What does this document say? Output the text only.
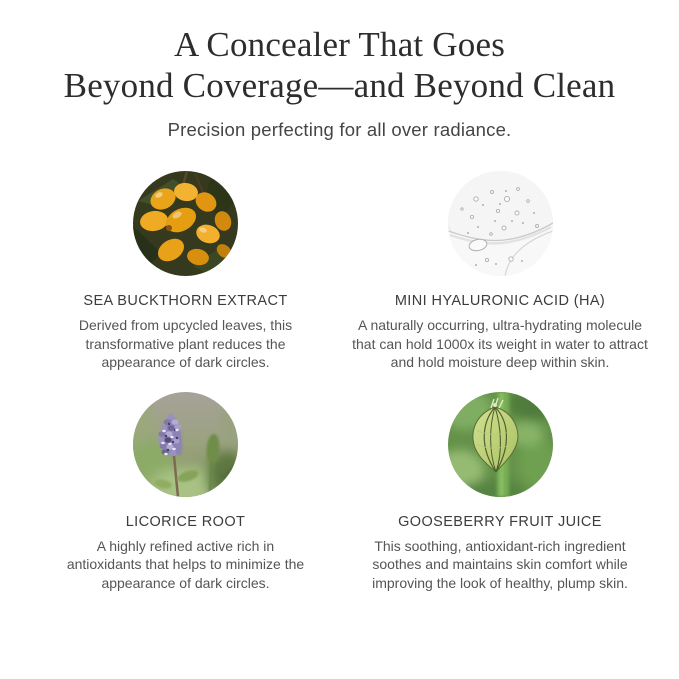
A Concealer That Goes
Beyond Coverage—and Beyond Clean
Precision perfecting for all over radiance.
SEA BUCKTHORN EXTRACT
Derived from upcycled leaves, this transformative plant reduces the appearance of dark circles.
MINI HYALURONIC ACID (HA)
A naturally occurring, ultra-hydrating molecule that can hold 1000x its weight in water to attract and hold moisture deep within skin.
LICORICE ROOT
A highly refined active rich in antioxidants that helps to minimize the appearance of dark circles.
GOOSEBERRY FRUIT JUICE
This soothing, antioxidant-rich ingredient soothes and maintains skin comfort while improving the look of healthy, plump skin.
